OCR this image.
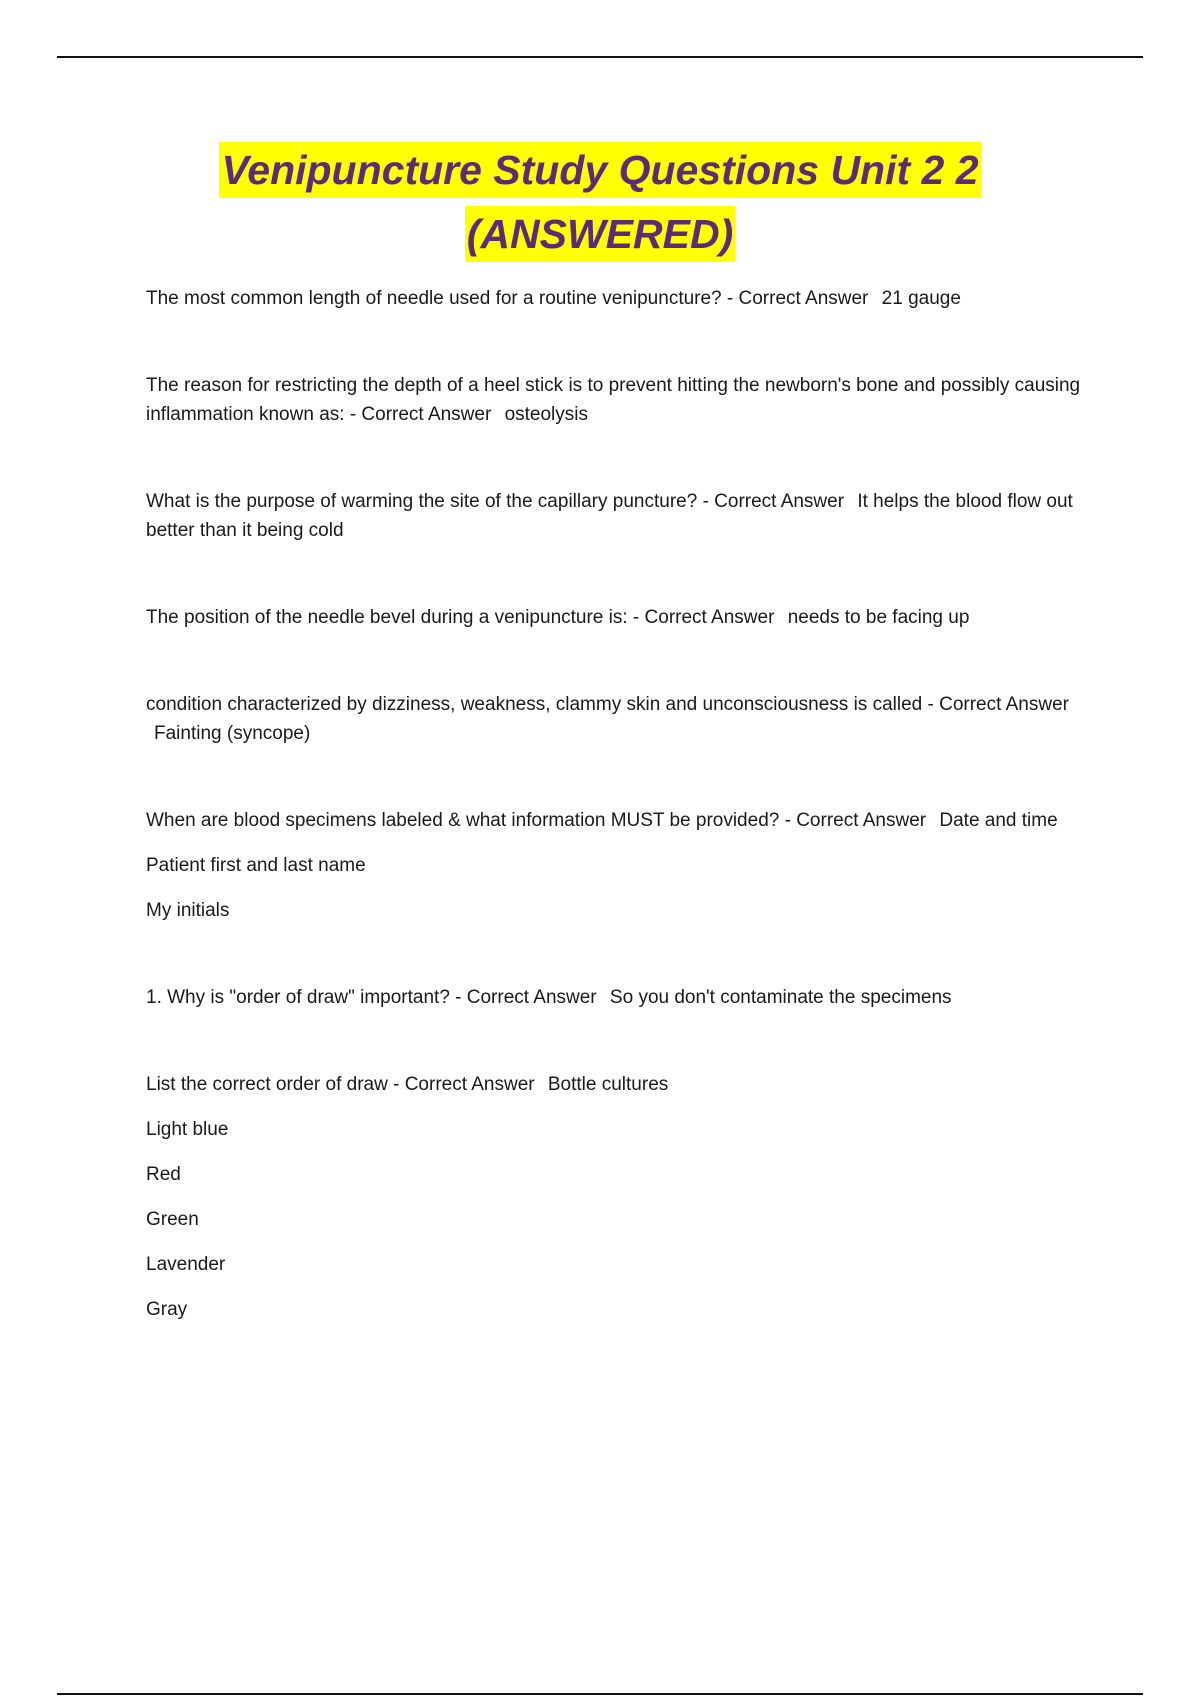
Venipuncture Study Questions Unit 2 2
(ANSWERED)

The most common length of needle used for a routine venipuncture? - Correct Answer 21 gauge

The reason for restricting the depth of a heel stick is to prevent hitting the newborn's bone and possibly causing inflammation known as: - Correct Answer osteolysis

What is the purpose of warming the site of the capillary puncture? - Correct Answer It helps the blood flow out better than it being cold

The position of the needle bevel during a venipuncture is: - Correct Answer needs to be facing up

condition characterized by dizziness, weakness, clammy skin and unconsciousness is called - Correct Answer Fainting (syncope)

When are blood specimens labeled & what information MUST be provided? - Correct Answer Date and time

Patient first and last name

My initials

1. Why is "order of draw" important? - Correct Answer So you don't contaminate the specimens

List the correct order of draw - Correct Answer Bottle cultures

Light blue

Red

Green

Lavender

Gray
